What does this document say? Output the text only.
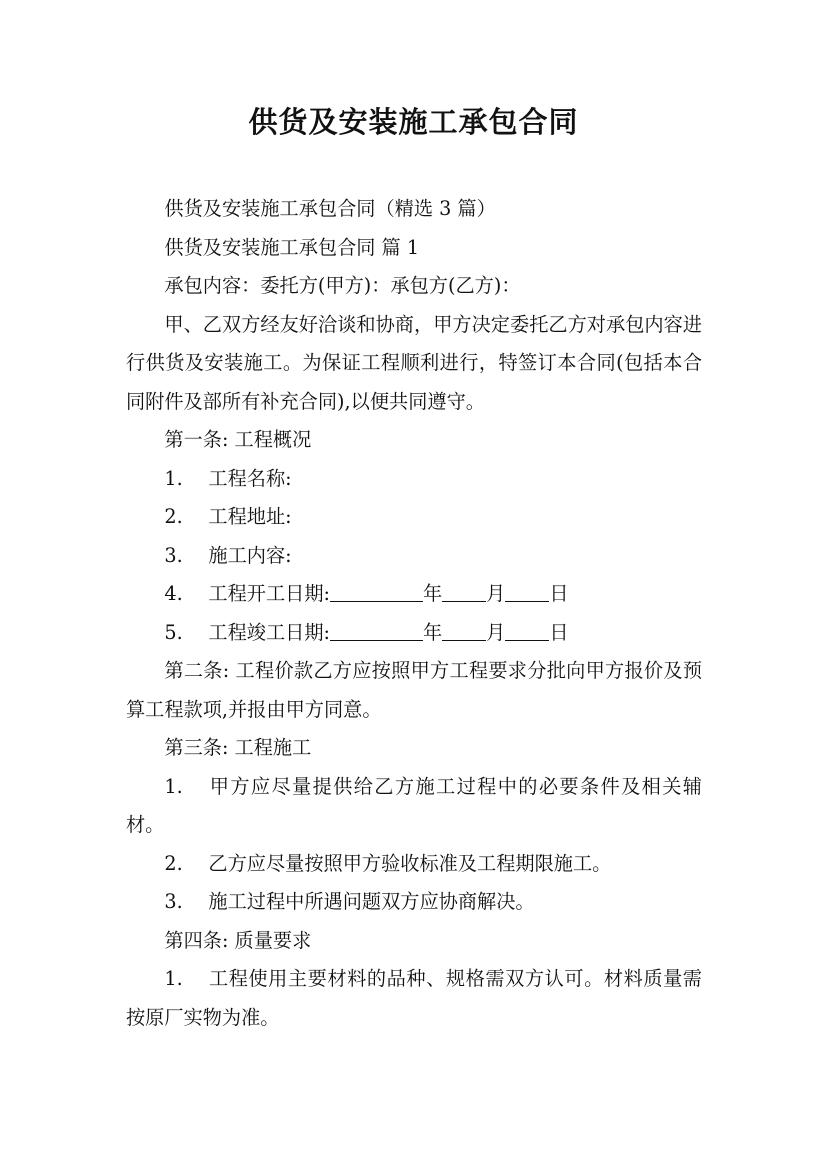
供货及安装施工承包合同

供货及安装施工承包合同（精选 3 篇）

供货及安装施工承包合同 篇 1

承包内容：委托方(甲方)：承包方(乙方)：

甲、乙双方经友好洽谈和协商，甲方决定委托乙方对承包内容进行供货及安装施工。为保证工程顺利进行，特签订本合同(包括本合同附件及部所有补充合同),以便共同遵守。

第一条: 工程概况

1. 工程名称:

2. 工程地址:

3. 施工内容:

4. 工程开工日期:	年 月 日

5. 工程竣工日期:	年 月 日

第二条: 工程价款乙方应按照甲方工程要求分批向甲方报价及预算工程款项,并报由甲方同意。

第三条: 工程施工

1. 甲方应尽量提供给乙方施工过程中的必要条件及相关辅材。

2. 乙方应尽量按照甲方验收标准及工程期限施工。

3. 施工过程中所遇问题双方应协商解决。

第四条: 质量要求

1. 工程使用主要材料的品种、规格需双方认可。材料质量需按原厂实物为准。
